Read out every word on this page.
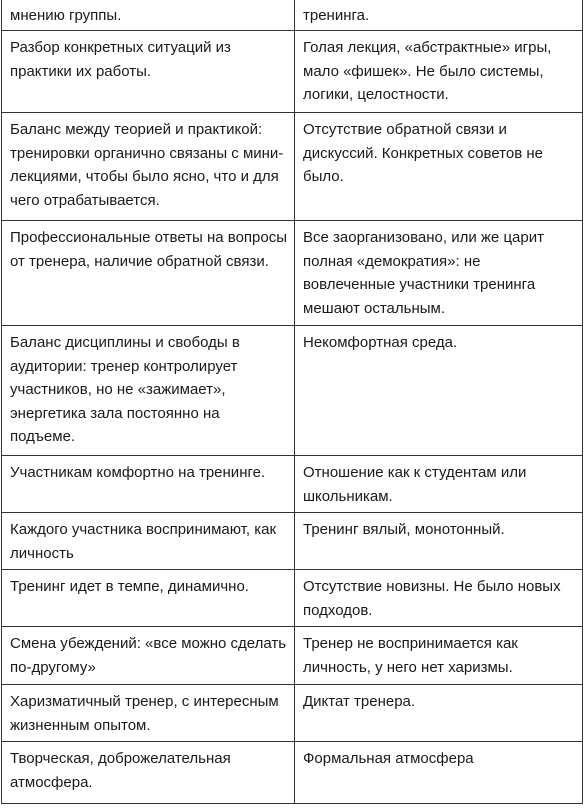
мнению группы.	тренинга.
Разбор конкретных ситуаций из практики их работы.	Голая лекция, «абстрактные» игры, мало «фишек». Не было системы, логики, целостности.
Баланс между теорией и практикой: тренировки органично связаны с мини-лекциями, чтобы было ясно, что и для чего отрабатывается.	Отсутствие обратной связи и дискуссий. Конкретных советов не было.
Профессиональные ответы на вопросы от тренера, наличие обратной связи.	Все заорганизовано, или же царит полная «демократия»: не вовлеченные участники тренинга мешают остальным.
Баланс дисциплины и свободы в аудитории: тренер контролирует участников, но не «зажимает», энергетика зала постоянно на подъеме.	Некомфортная среда.
Участникам комфортно на тренинге.	Отношение как к студентам или школьникам.
Каждого участника воспринимают, как личность	Тренинг вялый, монотонный.
Тренинг идет в темпе, динамично.	Отсутствие новизны. Не было новых подходов.
Смена убеждений: «все можно сделать по-другому»	Тренер не воспринимается как личность, у него нет харизмы.
Харизматичный тренер, с интересным жизненным опытом.	Диктат тренера.
Творческая, доброжелательная атмосфера.	Формальная атмосфера
